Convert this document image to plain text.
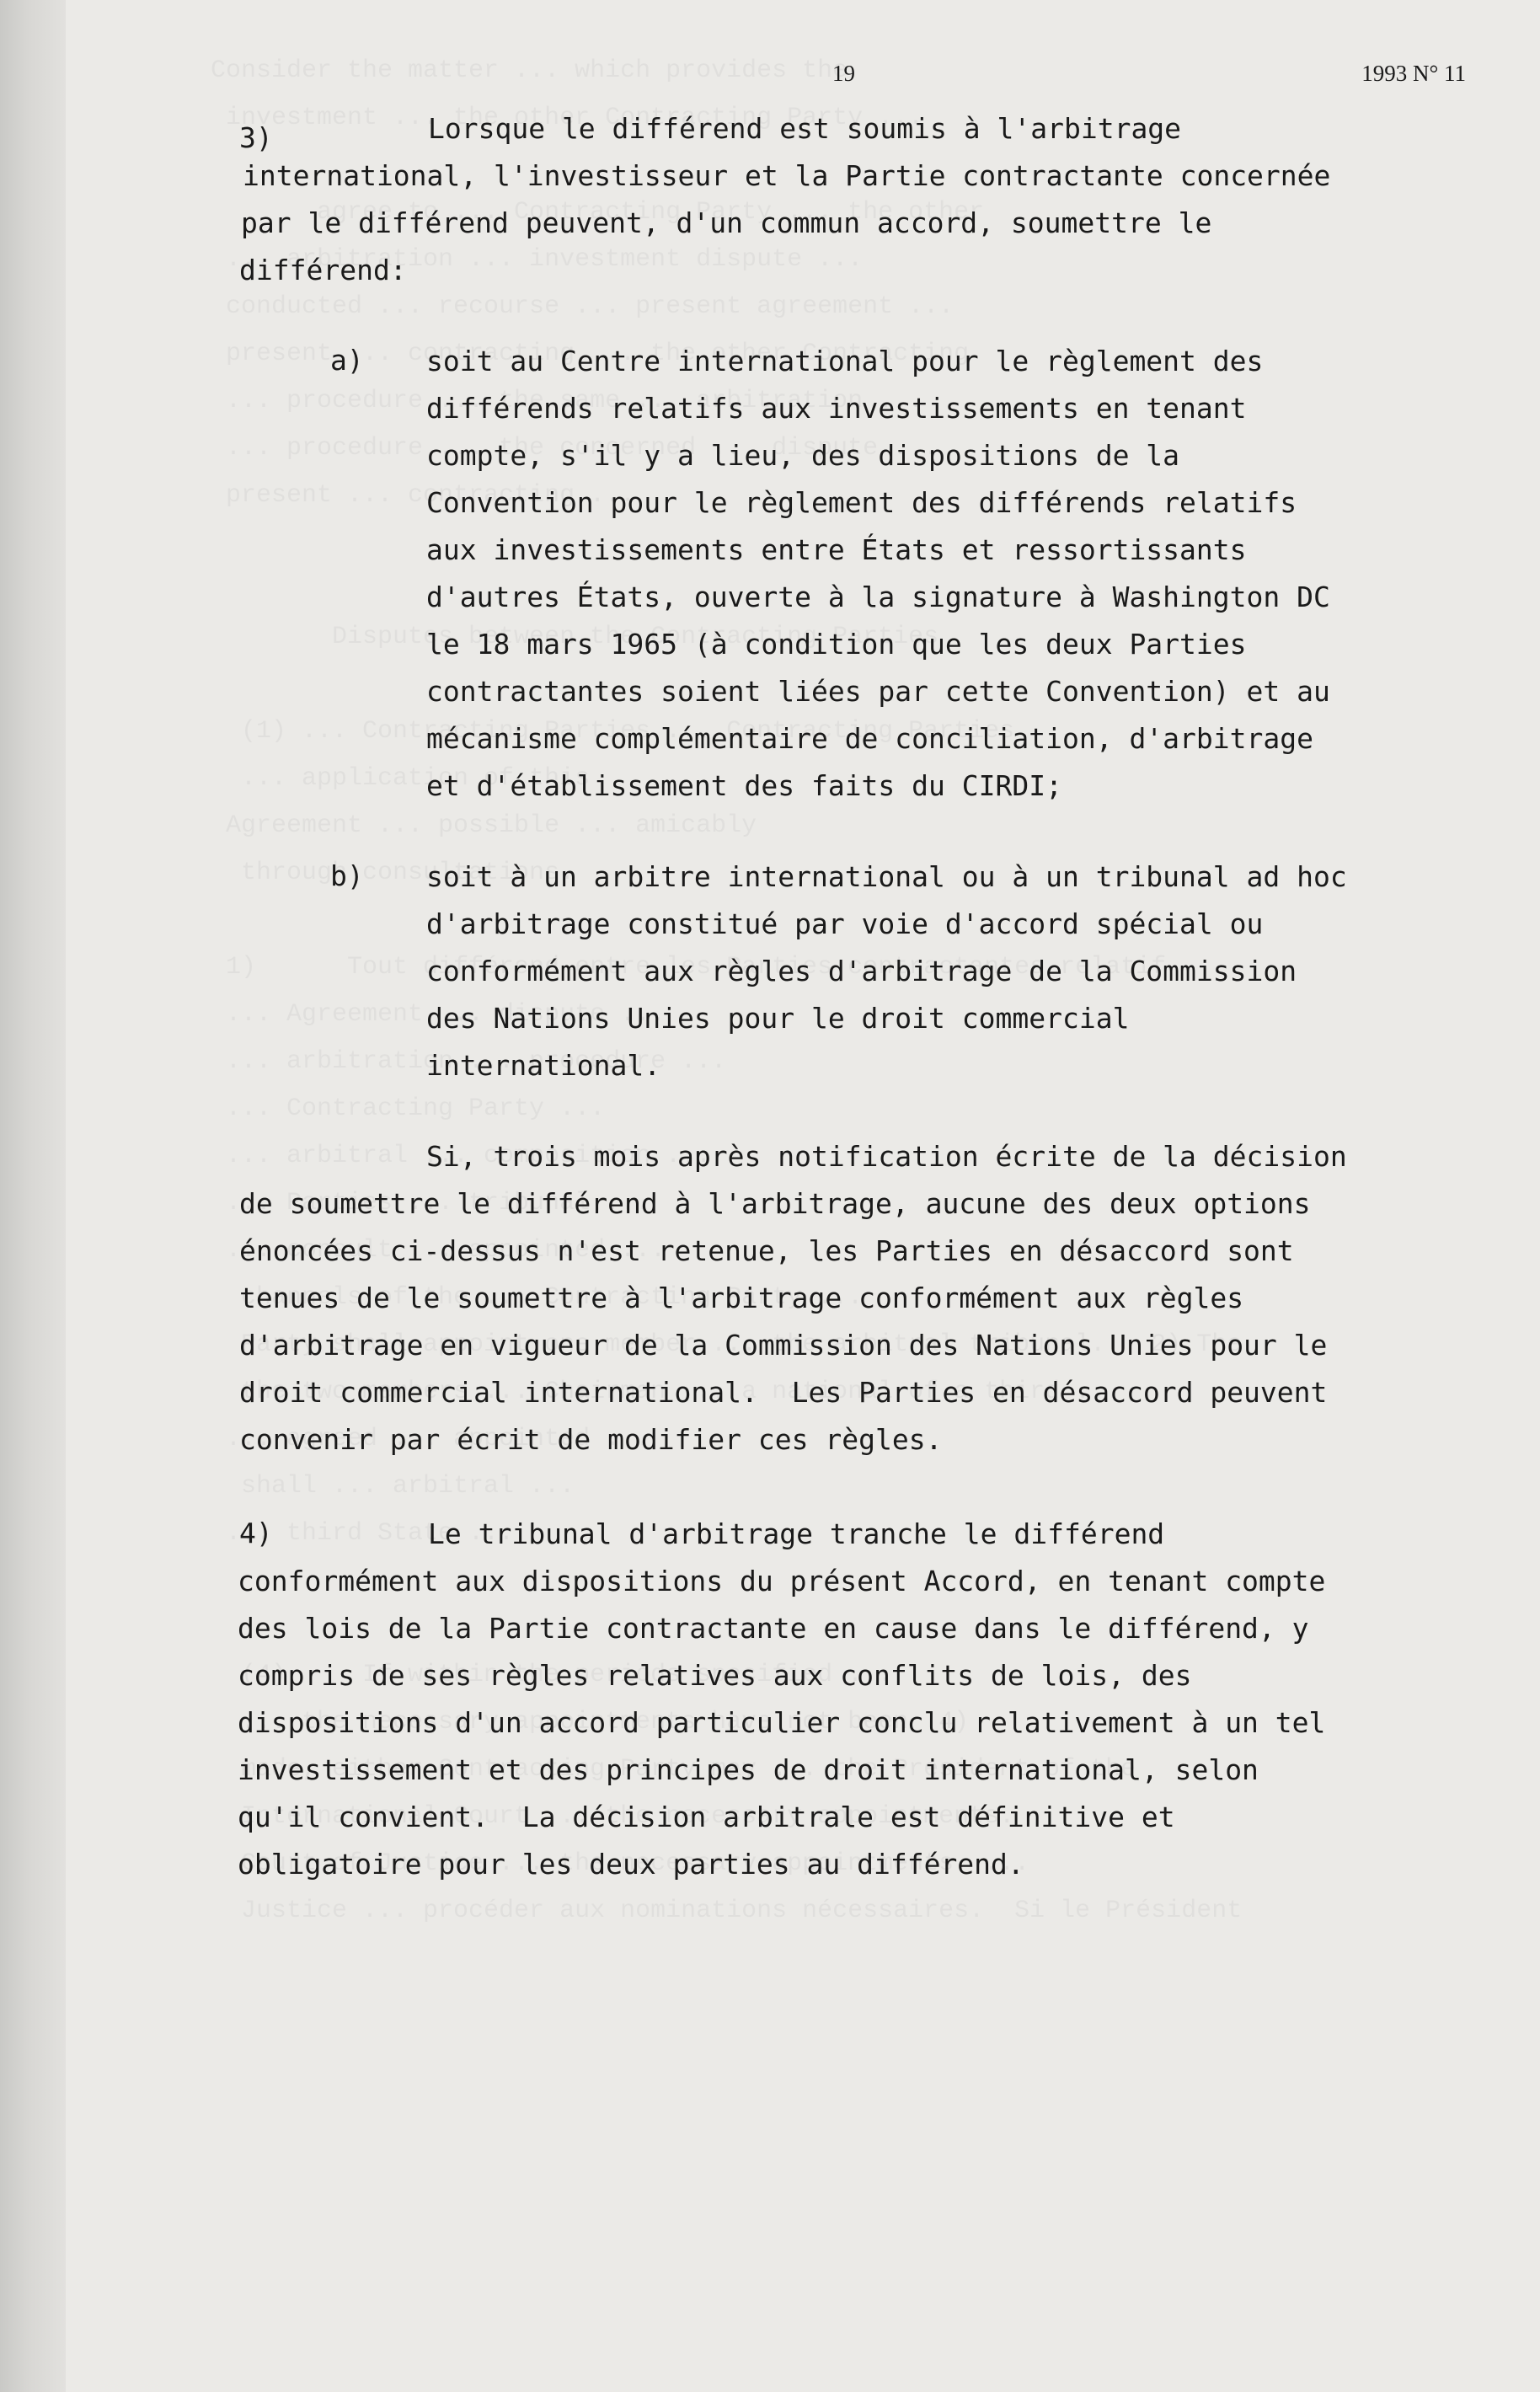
19	1993 N° 11
3)	Lorsque le différend est soumis à l'arbitrage
international, l'investisseur et la Partie contractante concernée
par le différend peuvent, d'un commun accord, soumettre le
différend:
a) soit au Centre international pour le règlement des
différends relatifs aux investissements en tenant
compte, s'il y a lieu, des dispositions de la
Convention pour le règlement des différends relatifs
aux investissements entre États et ressortissants
d'autres États, ouverte à la signature à Washington DC
le 18 mars 1965 (à condition que les deux Parties
contractantes soient liées par cette Convention) et au
mécanisme complémentaire de conciliation, d'arbitrage
et d'établissement des faits du CIRDI;
b) soit à un arbitre international ou à un tribunal ad hoc
d'arbitrage constitué par voie d'accord spécial ou
conformément aux règles d'arbitrage de la Commission
des Nations Unies pour le droit commercial
international.
Si, trois mois après notification écrite de la décision
de soumettre le différend à l'arbitrage, aucune des deux options
énoncées ci-dessus n'est retenue, les Parties en désaccord sont
tenues de le soumettre à l'arbitrage conformément aux règles
d'arbitrage en vigueur de la Commission des Nations Unies pour le
droit commercial international.  Les Parties en désaccord peuvent
convenir par écrit de modifier ces règles.
4)	Le tribunal d'arbitrage tranche le différend
conformément aux dispositions du présent Accord, en tenant compte
des lois de la Partie contractante en cause dans le différend, y
compris de ses règles relatives aux conflits de lois, des
dispositions d'un accord particulier conclu relativement à un tel
investissement et des principes de droit international, selon
qu'il convient.  La décision arbitrale est définitive et
obligatoire pour les deux parties au différend.
